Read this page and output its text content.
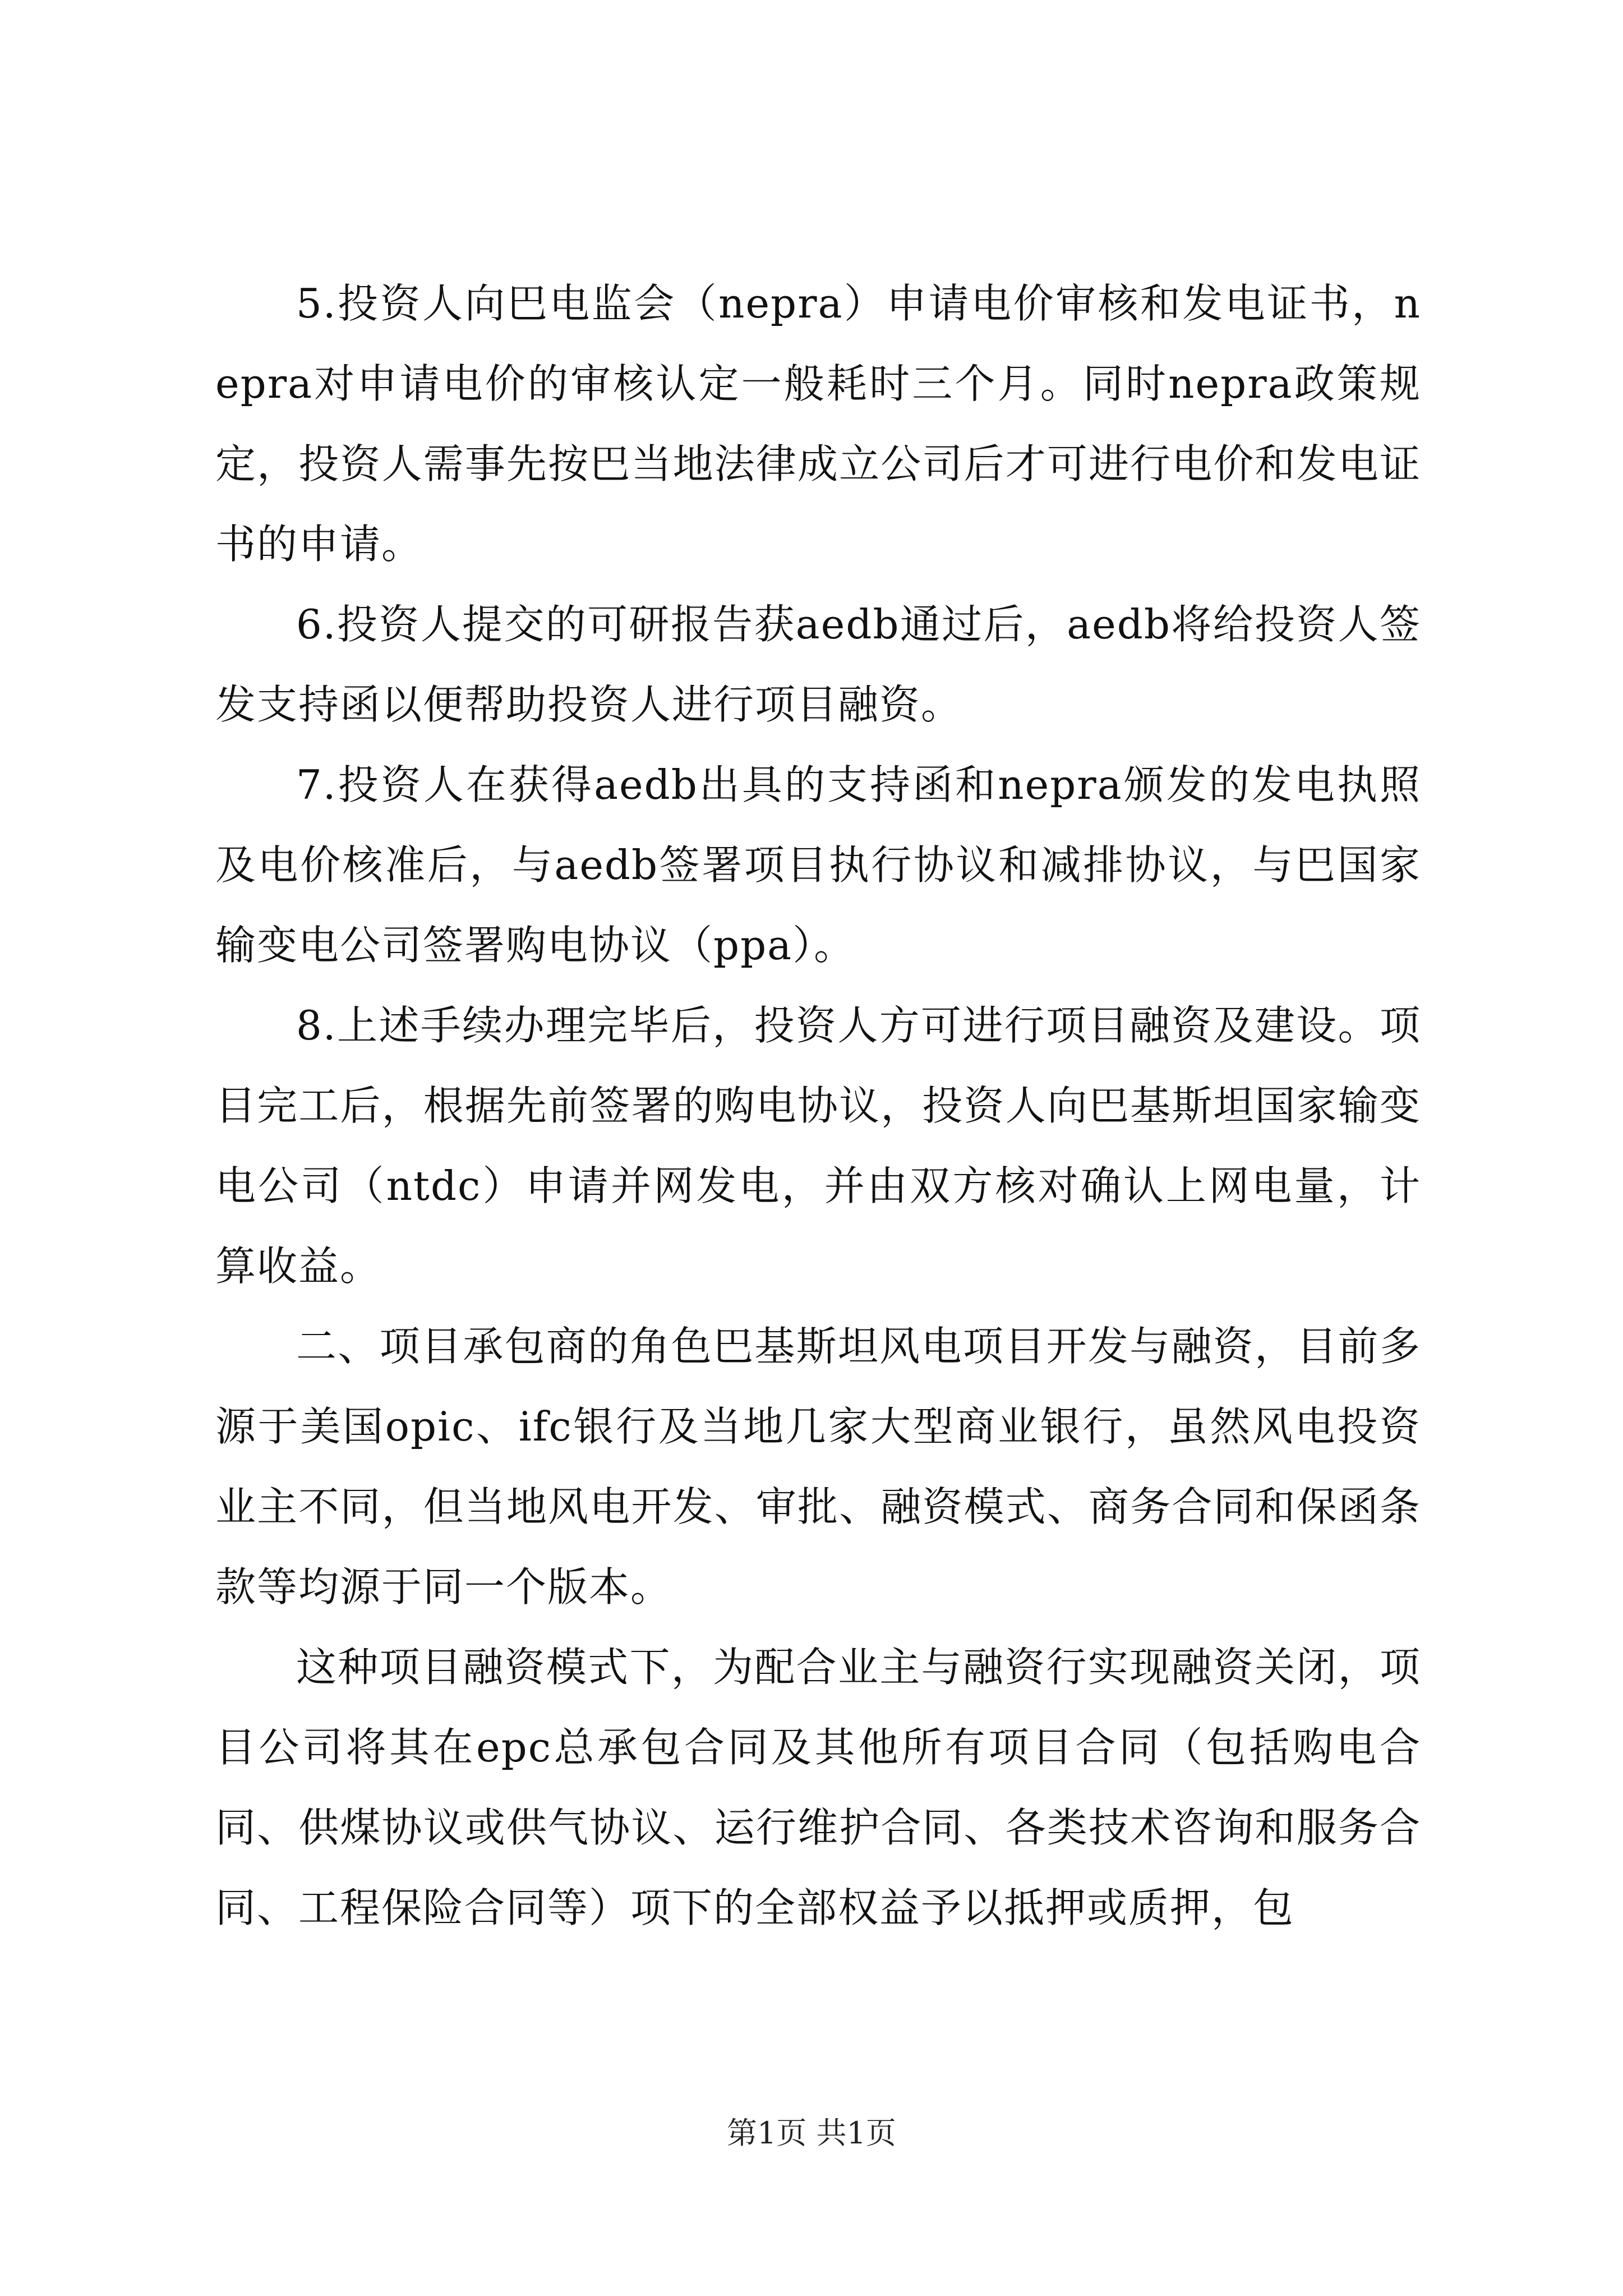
5.投资人向巴电监会（nepra）申请电价审核和发电证书，nepra对申请电价的审核认定一般耗时三个月。同时nepra政策规定，投资人需事先按巴当地法律成立公司后才可进行电价和发电证书的申请。

6.投资人提交的可研报告获aedb通过后，aedb将给投资人签发支持函以便帮助投资人进行项目融资。

7.投资人在获得aedb出具的支持函和nepra颁发的发电执照及电价核准后，与aedb签署项目执行协议和减排协议，与巴国家输变电公司签署购电协议（ppa）。

8.上述手续办理完毕后，投资人方可进行项目融资及建设。项目完工后，根据先前签署的购电协议，投资人向巴基斯坦国家输变电公司（ntdc）申请并网发电，并由双方核对确认上网电量，计算收益。

二、项目承包商的角色巴基斯坦风电项目开发与融资，目前多源于美国opic、ifc银行及当地几家大型商业银行，虽然风电投资业主不同，但当地风电开发、审批、融资模式、商务合同和保函条款等均源于同一个版本。

这种项目融资模式下，为配合业主与融资行实现融资关闭，项目公司将其在epc总承包合同及其他所有项目合同（包括购电合同、供煤协议或供气协议、运行维护合同、各类技术咨询和服务合同、工程保险合同等）项下的全部权益予以抵押或质押，包

第1页 共1页
